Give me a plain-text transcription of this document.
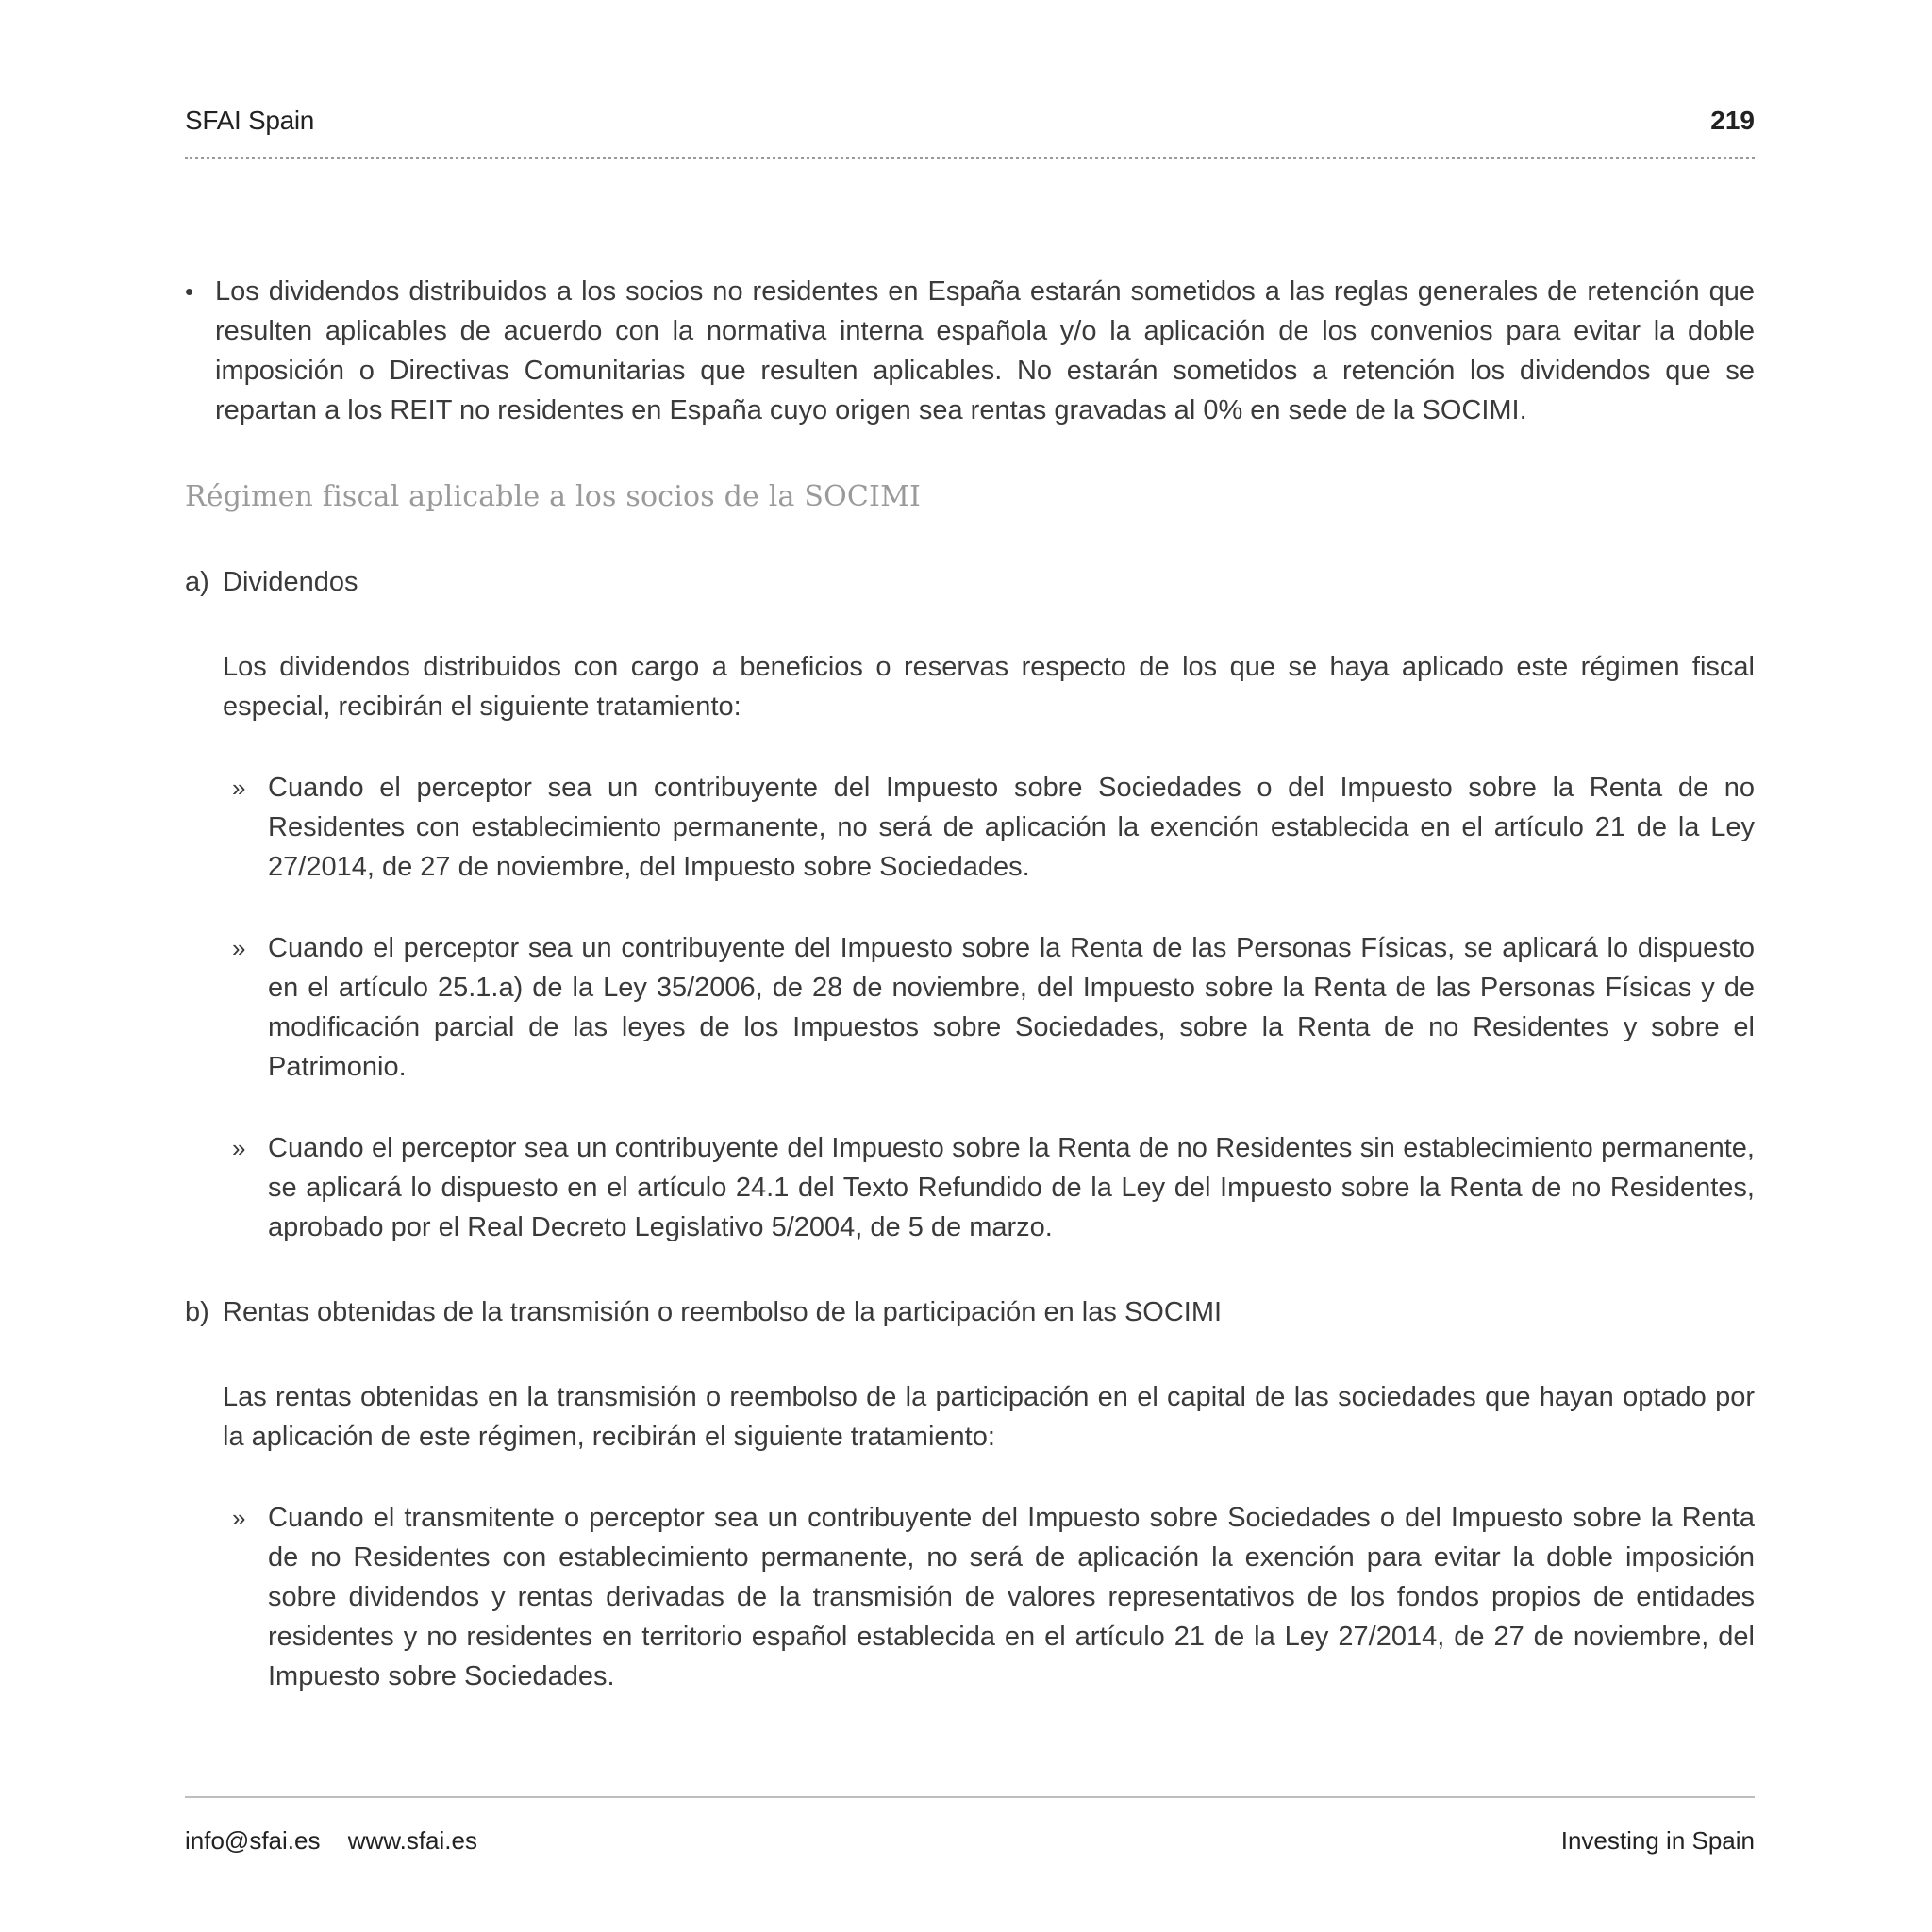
SFAI Spain	219
• Los dividendos distribuidos a los socios no residentes en España estarán sometidos a las reglas generales de retención que resulten aplicables de acuerdo con la normativa interna española y/o la aplicación de los convenios para evitar la doble imposición o Directivas Comunitarias que resulten aplicables. No estarán sometidos a retención los dividendos que se repartan a los REIT no residentes en España cuyo origen sea rentas gravadas al 0% en sede de la SOCIMI.

Régimen fiscal aplicable a los socios de la SOCIMI
a) Dividendos

Los dividendos distribuidos con cargo a beneficios o reservas respecto de los que se haya aplicado este régimen fiscal especial, recibirán el siguiente tratamiento:

» Cuando el perceptor sea un contribuyente del Impuesto sobre Sociedades o del Impuesto sobre la Renta de no Residentes con establecimiento permanente, no será de aplicación la exención establecida en el artículo 21 de la Ley 27/2014, de 27 de noviembre, del Impuesto sobre Sociedades.

» Cuando el perceptor sea un contribuyente del Impuesto sobre la Renta de las Personas Físicas, se aplicará lo dispuesto en el artículo 25.1.a) de la Ley 35/2006, de 28 de noviembre, del Impuesto sobre la Renta de las Personas Físicas y de modificación parcial de las leyes de los Impuestos sobre Sociedades, sobre la Renta de no Residentes y sobre el Patrimonio.

» Cuando el perceptor sea un contribuyente del Impuesto sobre la Renta de no Residentes sin establecimiento permanente, se aplicará lo dispuesto en el artículo 24.1 del Texto Refundido de la Ley del Impuesto sobre la Renta de no Residentes, aprobado por el Real Decreto Legislativo 5/2004, de 5 de marzo.

b) Rentas obtenidas de la transmisión o reembolso de la participación en las SOCIMI

Las rentas obtenidas en la transmisión o reembolso de la participación en el capital de las sociedades que hayan optado por la aplicación de este régimen, recibirán el siguiente tratamiento:

» Cuando el transmitente o perceptor sea un contribuyente del Impuesto sobre Sociedades o del Impuesto sobre la Renta de no Residentes con establecimiento permanente, no será de aplicación la exención para evitar la doble imposición sobre dividendos y rentas derivadas de la transmisión de valores representativos de los fondos propios de entidades residentes y no residentes en territorio español establecida en el artículo 21 de la Ley 27/2014, de 27 de noviembre, del Impuesto sobre Sociedades.

info@sfai.es www.sfai.es	Investing in Spain
